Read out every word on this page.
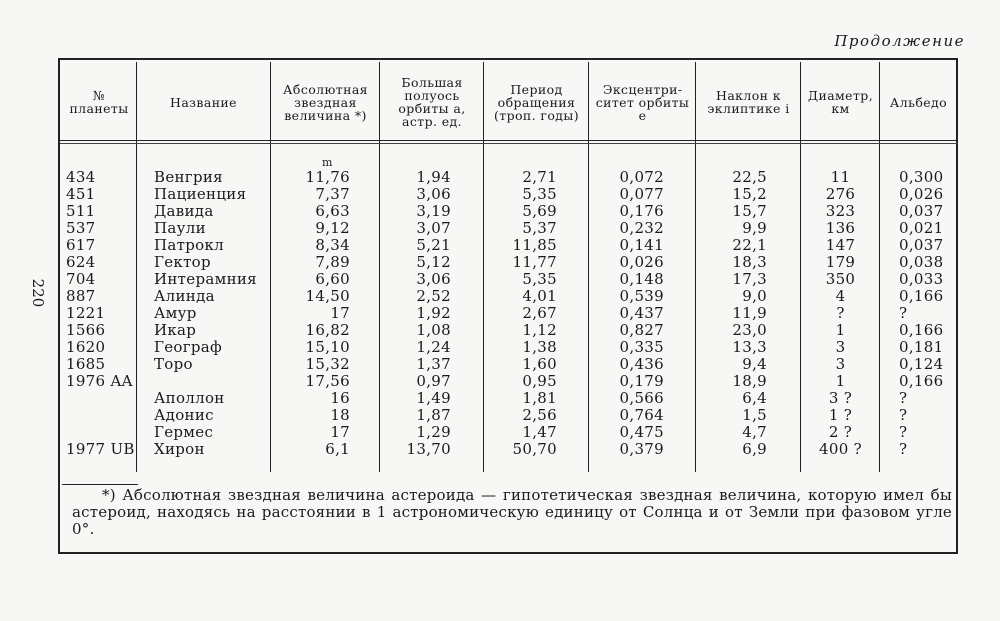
Продолжение
220
№ планеты	Название
Абсолютная звездная величина *)
Большая полуось орбиты a, астр. ед.
Период обращения (троп. годы)
Эксцентриситет орбиты e
Наклон к эклиптике i
Диаметр, км	Альбедо
m
434
451
511
537
617
624
704
887
1221
1566
1620
1685
1976 AA
1977 UB
Венгрия
Пациенция
Давида
Паули
Патрокл
Гектор
Интерамния
Алинда
Амур
Икар
Географ
Торо
Аполлон
Адонис
Гермес
Хирон
11,76
7,37
6,63
9,12
8,34
7,89
6,60
14,50
17
16,82
15,10
15,32
17,56
16
18
17
6,1
1,94
3,06
3,19
3,07
5,21
5,12
3,06
2,52
1,92
1,08
1,24
1,37
0,97
1,49
1,87
1,29
13,70
2,71
5,35
5,69
5,37
11,85
11,77
5,35
4,01
2,67
1,12
1,38
1,60
0,95
1,81
2,56
1,47
50,70
0,072
0,077
0,176
0,232
0,141
0,026
0,148
0,539
0,437
0,827
0,335
0,436
0,179
0,566
0,764
0,475
0,379
22,5
15,2
15,7
9,9
22,1
18,3
17,3
9,0
11,9
23,0
13,3
9,4
18,9
6,4
1,5
4,7
6,9
11
276
323
136
147
179
350
4
?
1
3
3
1
3 ?
1 ?
2 ?
400 ?
0,300
0,026
0,037
0,021
0,037
0,038
0,033
0,166
?
0,166
0,181
0,124
0,166
?
?
?
?
*) Абсолютная звездная величина астероида — гипотетическая звездная величина, которую имел бы астероид, находясь на расстоянии в 1 астрономическую единицу от Солнца и от Земли при фазовом угле 0°.
